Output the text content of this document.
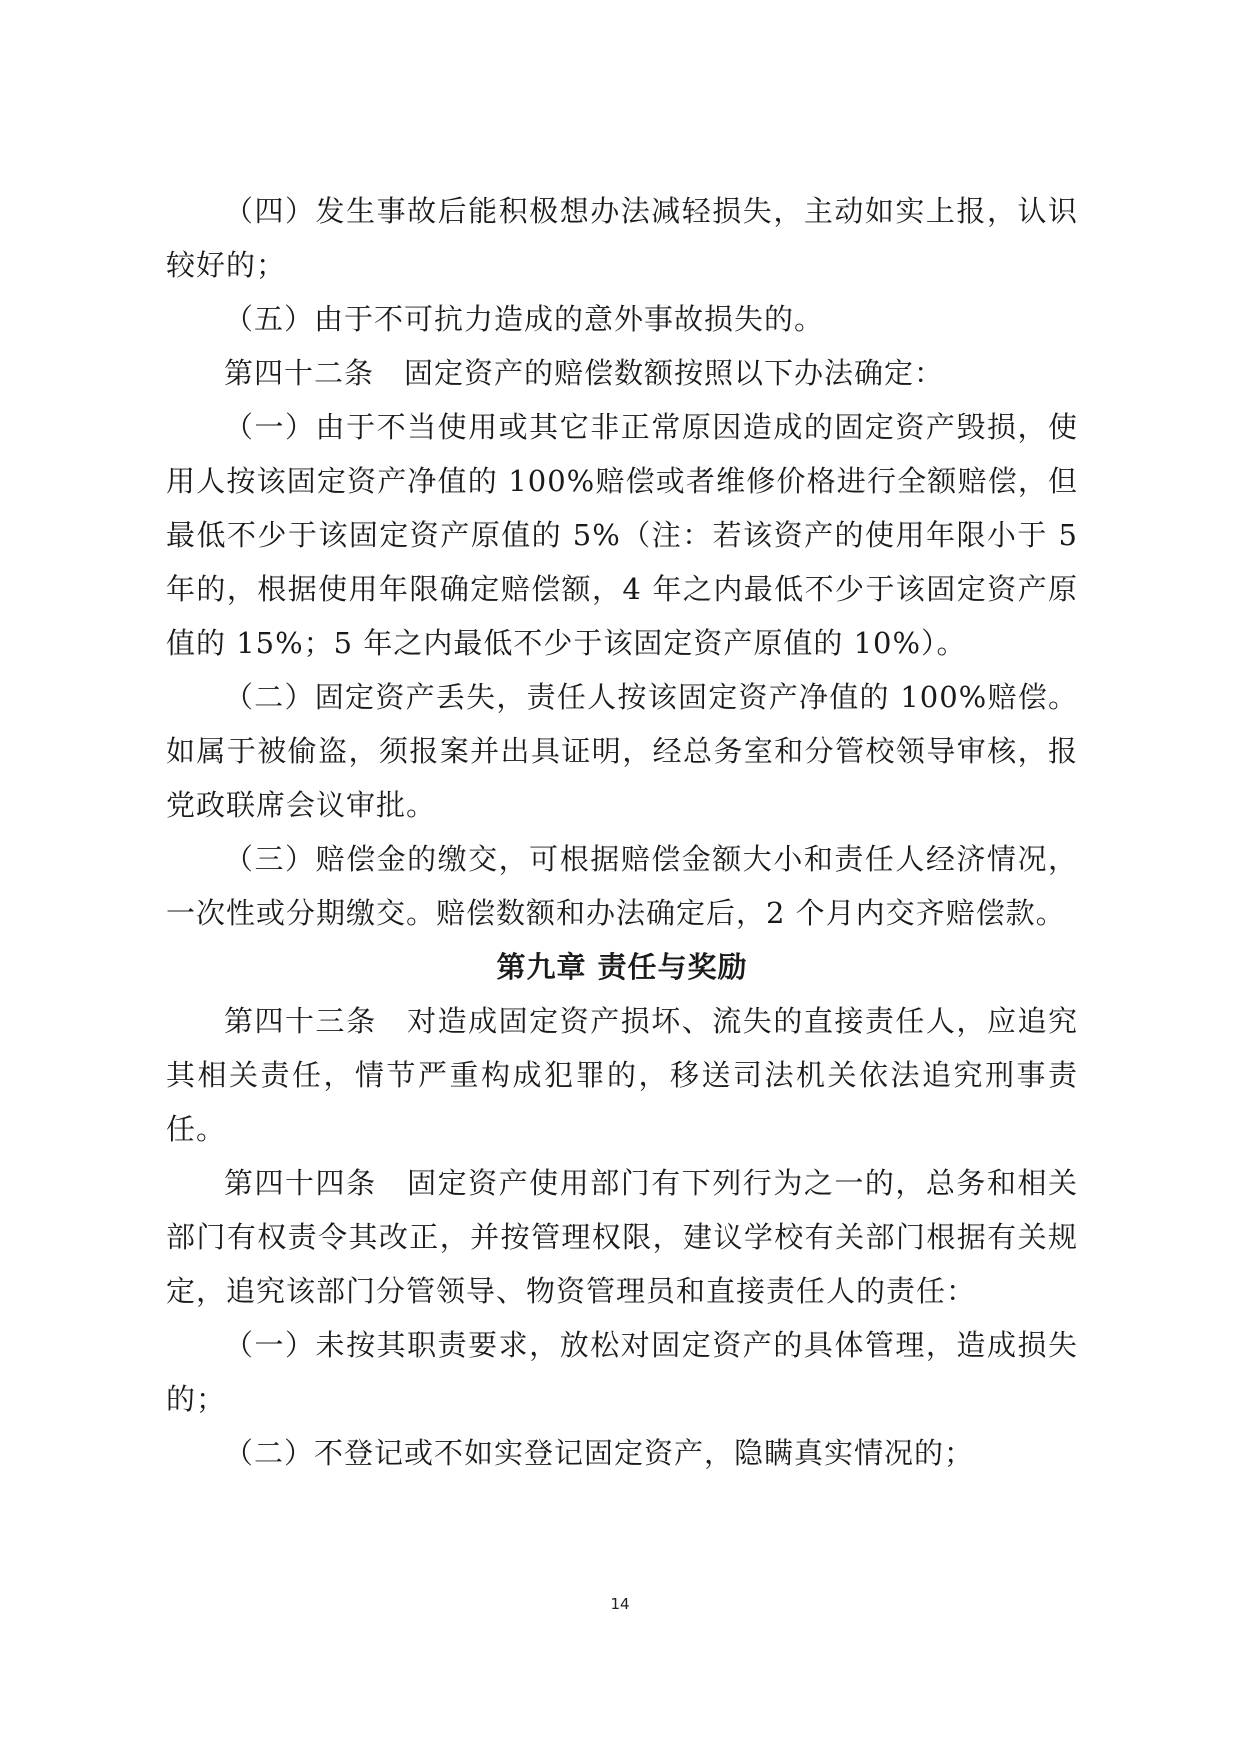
（四）发生事故后能积极想办法减轻损失，主动如实上报，认识较好的；

（五）由于不可抗力造成的意外事故损失的。

第四十二条　固定资产的赔偿数额按照以下办法确定：

（一）由于不当使用或其它非正常原因造成的固定资产毁损，使用人按该固定资产净值的 100%赔偿或者维修价格进行全额赔偿，但最低不少于该固定资产原值的 5%（注：若该资产的使用年限小于 5 年的，根据使用年限确定赔偿额，4 年之内最低不少于该固定资产原值的 15%；5 年之内最低不少于该固定资产原值的 10%）。

（二）固定资产丢失，责任人按该固定资产净值的 100%赔偿。如属于被偷盗，须报案并出具证明，经总务室和分管校领导审核，报党政联席会议审批。

（三）赔偿金的缴交，可根据赔偿金额大小和责任人经济情况，一次性或分期缴交。赔偿数额和办法确定后，2 个月内交齐赔偿款。

第九章 责任与奖励

第四十三条　对造成固定资产损坏、流失的直接责任人，应追究其相关责任，情节严重构成犯罪的，移送司法机关依法追究刑事责任。

第四十四条　固定资产使用部门有下列行为之一的，总务和相关部门有权责令其改正，并按管理权限，建议学校有关部门根据有关规定，追究该部门分管领导、物资管理员和直接责任人的责任：

（一）未按其职责要求，放松对固定资产的具体管理，造成损失的；

（二）不登记或不如实登记固定资产，隐瞒真实情况的；

14
